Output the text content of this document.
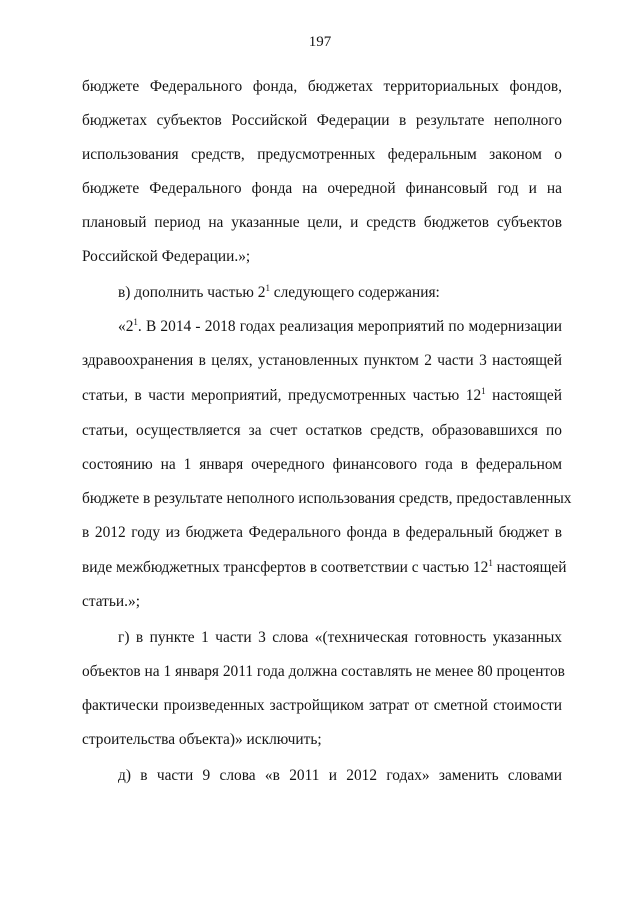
197
бюджете Федерального фонда, бюджетах территориальных фондов,
бюджетах субъектов Российской Федерации в результате неполного
использования средств, предусмотренных федеральным законом о
бюджете Федерального фонда на очередной финансовый год и на
плановый период на указанные цели, и средств бюджетов субъектов
Российской Федерации.»;
в) дополнить частью $2^1$ следующего содержания:
«$2^1$. В 2014 - 2018 годах реализация мероприятий по модернизации
здравоохранения в целях, установленных пунктом 2 части 3 настоящей
статьи, в части мероприятий, предусмотренных частью $12^1$ настоящей
статьи, осуществляется за счет остатков средств, образовавшихся по
состоянию на 1 января очередного финансового года в федеральном
бюджете в результате неполного использования средств, предоставленных
в 2012 году из бюджета Федерального фонда в федеральный бюджет в
виде межбюджетных трансфертов в соответствии с частью $12^1$ настоящей
статьи.»;
г) в пункте 1 части 3 слова «(техническая готовность указанных
объектов на 1 января 2011 года должна составлять не менее 80 процентов
фактически произведенных застройщиком затрат от сметной стоимости
строительства объекта)» исключить;
д) в части 9 слова «в 2011 и 2012 годах» заменить словами
